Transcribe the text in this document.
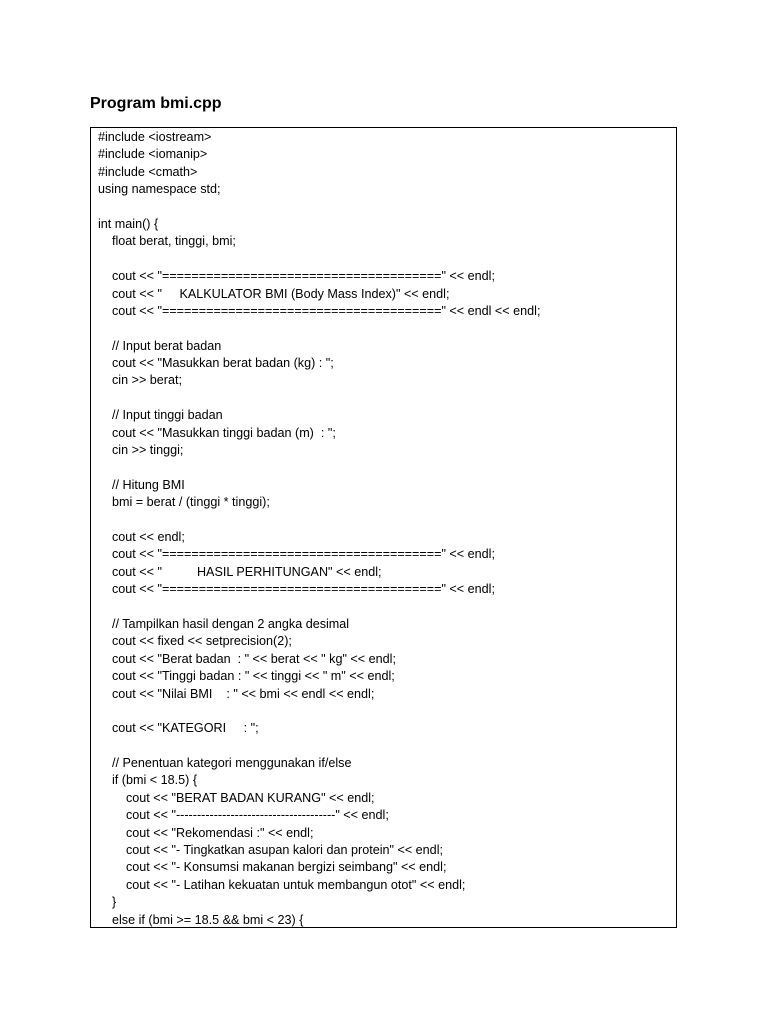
Program bmi.cpp
#include <iostream>
#include <iomanip>
#include <cmath>
using namespace std;
int main() {
float berat, tinggi, bmi;
cout << "======================================" << endl;
cout << "     KALKULATOR BMI (Body Mass Index)" << endl;
cout << "======================================" << endl << endl;
// Input berat badan
cout << "Masukkan berat badan (kg) : ";
cin >> berat;
// Input tinggi badan
cout << "Masukkan tinggi badan (m)  : ";
cin >> tinggi;
// Hitung BMI
bmi = berat / (tinggi * tinggi);
cout << endl;
cout << "======================================" << endl;
cout << "          HASIL PERHITUNGAN" << endl;
cout << "======================================" << endl;
// Tampilkan hasil dengan 2 angka desimal
cout << fixed << setprecision(2);
cout << "Berat badan  : " << berat << " kg" << endl;
cout << "Tinggi badan : " << tinggi << " m" << endl;
cout << "Nilai BMI    : " << bmi << endl << endl;
cout << "KATEGORI     : ";
// Penentuan kategori menggunakan if/else
if (bmi < 18.5) {
cout << "BERAT BADAN KURANG" << endl;
cout << "--------------------------------------" << endl;
cout << "Rekomendasi :" << endl;
cout << "- Tingkatkan asupan kalori dan protein" << endl;
cout << "- Konsumsi makanan bergizi seimbang" << endl;
cout << "- Latihan kekuatan untuk membangun otot" << endl;
}
else if (bmi >= 18.5 && bmi < 23) {
